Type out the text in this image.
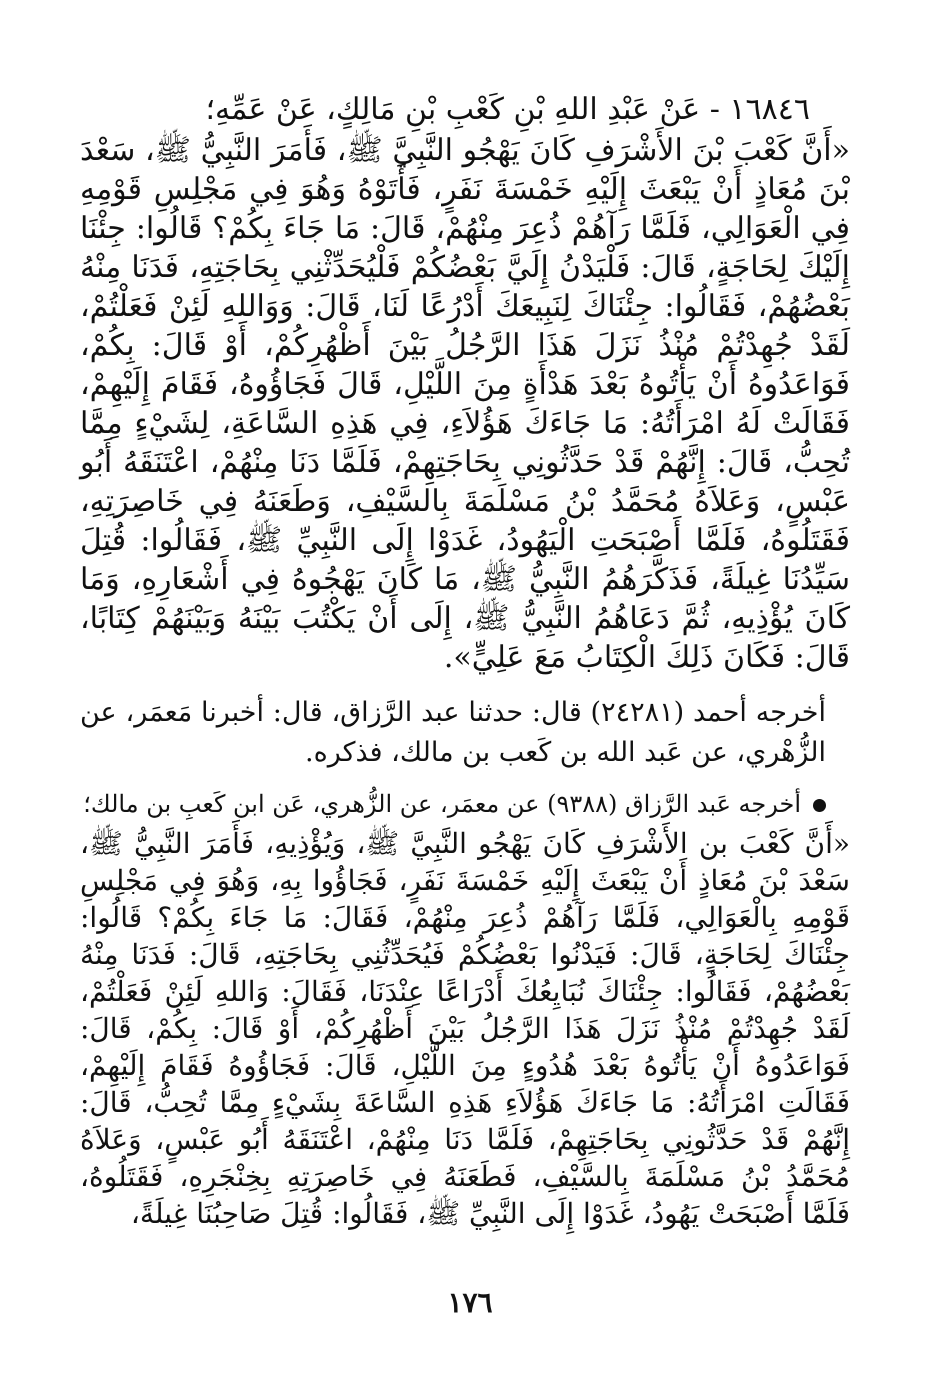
١٦٨٤٦ - عَنْ عَبْدِ اللهِ بْنِ كَعْبِ بْنِ مَالِكٍ، عَنْ عَمِّهِ؛

«أَنَّ كَعْبَ بْنَ الأَشْرَفِ كَانَ يَهْجُو النَّبِيَّ ﷺ، فَأَمَرَ النَّبِيُّ ﷺ، سَعْدَ بْنَ مُعَاذٍ أَنْ يَبْعَثَ إِلَيْهِ خَمْسَةَ نَفَرٍ، فَأَتَوْهُ وَهُوَ فِي مَجْلِسِ قَوْمِهِ فِي الْعَوَالِي، فَلَمَّا رَآهُمْ ذُعِرَ مِنْهُمْ، قَالَ: مَا جَاءَ بِكُمْ؟ قَالُوا: جِئْنَا إِلَيْكَ لِحَاجَةٍ، قَالَ: فَلْيَدْنُ إِلَيَّ بَعْضُكُمْ فَلْيُحَدِّثْنِي بِحَاجَتِهِ، فَدَنَا مِنْهُ بَعْضُهُمْ، فَقَالُوا: جِئْنَاكَ لِنَبِيعَكَ أَدْرُعًا لَنَا، قَالَ: وَوَاللهِ لَئِنْ فَعَلْتُمْ، لَقَدْ جُهِدْتُمْ مُنْذُ نَزَلَ هَذَا الرَّجُلُ بَيْنَ أَظْهُرِكُمْ، أَوْ قَالَ: بِكُمْ، فَوَاعَدُوهُ أَنْ يَأْتُوهُ بَعْدَ هَدْأَةٍ مِنَ اللَّيْلِ، قَالَ فَجَاؤُوهُ، فَقَامَ إِلَيْهِمْ، فَقَالَتْ لَهُ امْرَأَتُهُ: مَا جَاءَكَ هَؤُلاَءِ، فِي هَذِهِ السَّاعَةِ، لِشَيْءٍ مِمَّا تُحِبُّ، قَالَ: إِنَّهُمْ قَدْ حَدَّثُونِي بِحَاجَتِهِمْ، فَلَمَّا دَنَا مِنْهُمْ، اعْتَنَقَهُ أَبُو عَبْسٍ، وَعَلاَهُ مُحَمَّدُ بْنُ مَسْلَمَةَ بِالسَّيْفِ، وَطَعَنَهُ فِي خَاصِرَتِهِ، فَقَتَلُوهُ، فَلَمَّا أَصْبَحَتِ الْيَهُودُ، غَدَوْا إِلَى النَّبِيِّ ﷺ، فَقَالُوا: قُتِلَ سَيِّدُنَا غِيلَةً، فَذَكَّرَهُمُ النَّبِيُّ ﷺ، مَا كَانَ يَهْجُوهُ فِي أَشْعَارِهِ، وَمَا كَانَ يُؤْذِيهِ، ثُمَّ دَعَاهُمُ النَّبِيُّ ﷺ، إِلَى أَنْ يَكْتُبَ بَيْنَهُ وَبَيْنَهُمْ كِتَابًا، قَالَ: فَكَانَ ذَلِكَ الْكِتَابُ مَعَ عَلِيٍّ».

أخرجه أحمد (٢٤٢٨١) قال: حدثنا عبد الرَّزاق، قال: أخبرنا مَعمَر، عن الزُّهْري، عن عَبد الله بن كَعب بن مالك، فذكره.

أخرجه عَبد الرَّزاق (٩٣٨٨) عن معمَر، عن الزُّهري، عَن ابن كَعبِ بن مالك؛

«أَنَّ كَعْبَ بن الأَشْرَفِ كَانَ يَهْجُو النَّبِيَّ ﷺ، وَيُؤْذِيهِ، فَأَمَرَ النَّبِيُّ ﷺ، سَعْدَ بْنَ مُعَاذٍ أَنْ يَبْعَثَ إِلَيْهِ خَمْسَةَ نَفَرٍ، فَجَاؤُوا بِهِ، وَهُوَ فِي مَجْلِسِ قَوْمِهِ بِالْعَوَالِي، فَلَمَّا رَآهُمْ ذُعِرَ مِنْهُمْ، فَقَالَ: مَا جَاءَ بِكُمْ؟ قَالُوا: جِئْنَاكَ لِحَاجَةٍ، قَالَ: فَيَدْنُوا بَعْضُكُمْ فَيُحَدِّثُنِي بِحَاجَتِهِ، قَالَ: فَدَنَا مِنْهُ بَعْضُهُمْ، فَقَالُوا: جِئْنَاكَ نُبَايِعُكَ أَدْرَاعًا عِنْدَنَا، فَقَالَ: وَاللهِ لَئِنْ فَعَلْتُمْ، لَقَدْ جُهِدْتُمْ مُنْذُ نَزَلَ هَذَا الرَّجُلُ بَيْنَ أَظْهُرِكُمْ، أَوْ قَالَ: بِكُمْ، قَالَ: فَوَاعَدُوهُ أَنْ يَأْتُوهُ بَعْدَ هُدُوءٍ مِنَ اللَّيْلِ، قَالَ: فَجَاؤُوهُ فَقَامَ إِلَيْهِمْ، فَقَالَتِ امْرَأَتُهُ: مَا جَاءَكَ هَؤُلاَءِ هَذِهِ السَّاعَةَ بِشَيْءٍ مِمَّا تُحِبُّ، قَالَ: إِنَّهُمْ قَدْ حَدَّثُونِي بِحَاجَتِهِمْ، فَلَمَّا دَنَا مِنْهُمْ، اعْتَنَقَهُ أَبُو عَبْسٍ، وَعَلاَهُ مُحَمَّدُ بْنُ مَسْلَمَةَ بِالسَّيْفِ، فَطَعَنَهُ فِي خَاصِرَتِهِ بِخِنْجَرِهِ، فَقَتَلُوهُ، فَلَمَّا أَصْبَحَتْ يَهُودُ، غَدَوْا إِلَى النَّبِيِّ ﷺ، فَقَالُوا: قُتِلَ صَاحِبُنَا غِيلَةً،

١٧٦
